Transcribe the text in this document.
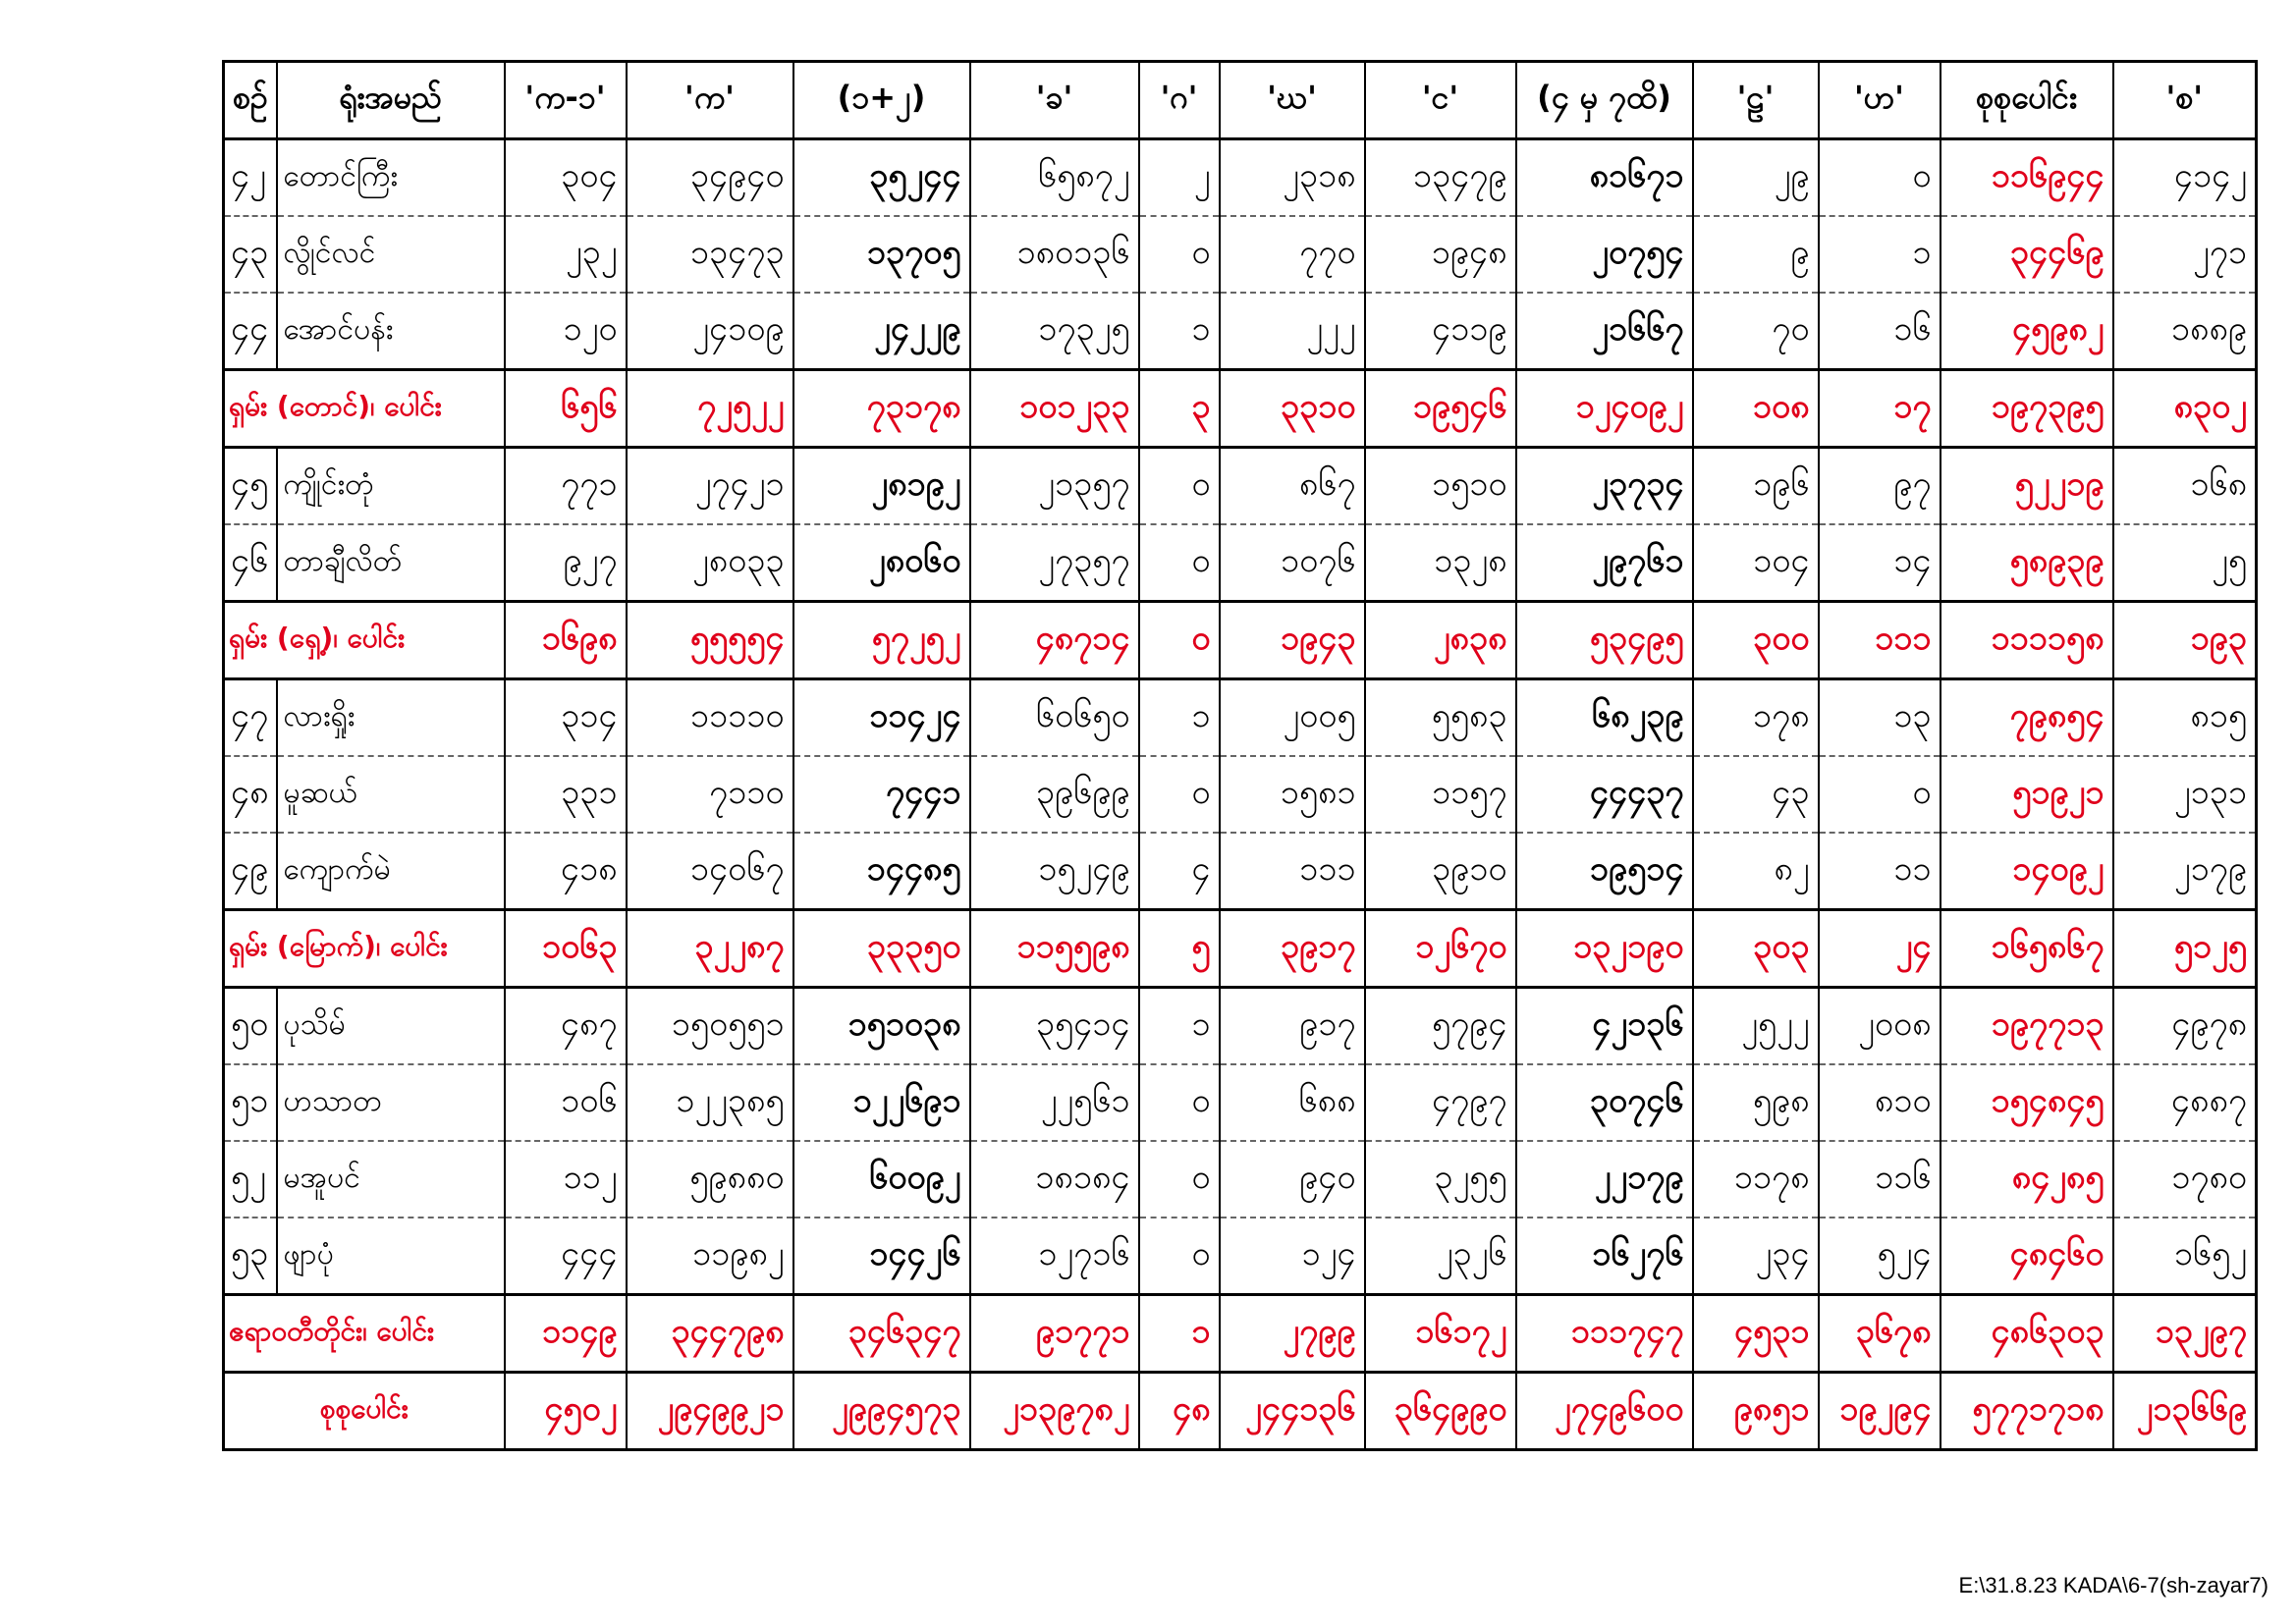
စဉ်	ရုံးအမည်	'က-၁'	'က'	(၁+၂)	'ခ'	'ဂ'	'ဃ'	'င'	(၄ မှ ၇ထိ)	'ဠ'	'ဟ'	စုစုပေါင်း	'စ'
၄၂	တောင်ကြီး	၃၀၄	၃၄၉၄၀	၃၅၂၄၄	၆၅၈၇၂	၂	၂၃၁၈	၁၃၄၇၉	၈၁၆၇၁	၂၉	၀	၁၁၆၉၄၄	၄၁၄၂
၄၃	လွိုင်လင်	၂၃၂	၁၃၄၇၃	၁၃၇၀၅	၁၈၀၁၃၆	၀	၇၇၀	၁၉၄၈	၂၀၇၅၄	၉	၁	၃၄၄၆၉	၂၇၁
၄၄	အောင်ပန်း	၁၂၀	၂၄၁၀၉	၂၄၂၂၉	၁၇၃၂၅	၁	၂၂၂	၄၁၁၉	၂၁၆၆၇	၇၀	၁၆	၄၅၉၈၂	၁၈၈၉
ရှမ်း (တောင်)၊ ပေါင်း		၆၅၆	၇၂၅၂၂	၇၃၁၇၈	၁၀၁၂၃၃	၃	၃၃၁၀	၁၉၅၄၆	၁၂၄၀၉၂	၁၀၈	၁၇	၁၉၇၃၉၅	၈၃၀၂
၄၅	ကျိုင်းတုံ	၇၇၁	၂၇၄၂၁	၂၈၁၉၂	၂၁၃၅၇	၀	၈၆၇	၁၅၁၀	၂၃၇၃၄	၁၉၆	၉၇	၅၂၂၁၉	၁၆၈
၄၆	တာချီလိတ်	၉၂၇	၂၈၀၃၃	၂၈၀၆၀	၂၇၃၅၇	၀	၁၀၇၆	၁၃၂၈	၂၉၇၆၁	၁၀၄	၁၄	၅၈၉၃၉	၂၅
ရှမ်း (ရှေ့)၊ ပေါင်း		၁၆၉၈	၅၅၅၅၄	၅၇၂၅၂	၄၈၇၁၄	၀	၁၉၄၃	၂၈၃၈	၅၃၄၉၅	၃၀၀	၁၁၁	၁၁၁၁၅၈	၁၉၃
၄၇	လားရှိုး	၃၁၄	၁၁၁၁၀	၁၁၄၂၄	၆၀၆၅၀	၁	၂၀၀၅	၅၅၈၃	၆၈၂၃၉	၁၇၈	၁၃	၇၉၈၅၄	၈၁၅
၄၈	မူဆယ်	၃၃၁	၇၁၁၀	၇၄၄၁	၃၉၆၉၉	၀	၁၅၈၁	၁၁၅၇	၄၄၄၃၇	၄၃	၀	၅၁၉၂၁	၂၁၃၁
၄၉	ကျောက်မဲ	၄၁၈	၁၄၀၆၇	၁၄၄၈၅	၁၅၂၄၉	၄	၁၁၁	၃၉၁၀	၁၉၅၁၄	၈၂	၁၁	၁၄၀၉၂	၂၁၇၉
ရှမ်း (မြောက်)၊ ပေါင်း		၁၀၆၃	၃၂၂၈၇	၃၃၃၅၀	၁၁၅၅၉၈	၅	၃၉၁၇	၁၂၆၇၀	၁၃၂၁၉၀	၃၀၃	၂၄	၁၆၅၈၆၇	၅၁၂၅
၅၀	ပုသိမ်	၄၈၇	၁၅၀၅၅၁	၁၅၁၀၃၈	၃၅၄၁၄	၁	၉၁၇	၅၇၉၄	၄၂၁၃၆	၂၅၂၂	၂၀၀၈	၁၉၇၇၁၃	၄၉၇၈
၅၁	ဟသာတ	၁၀၆	၁၂၂၃၈၅	၁၂၂၆၉၁	၂၂၅၆၁	၀	၆၈၈	၄၇၉၇	၃၀၇၄၆	၅၉၈	၈၁၀	၁၅၄၈၄၅	၄၈၈၇
၅၂	မအူပင်	၁၁၂	၅၉၈၈၀	၆၀၀၉၂	၁၈၁၈၄	၀	၉၄၀	၃၂၅၅	၂၂၁၇၉	၁၁၇၈	၁၁၆	၈၄၂၈၅	၁၇၈၀
၅၃	ဖျာပုံ	၄၄၄	၁၁၉၈၂	၁၄၄၂၆	၁၂၇၁၆	၀	၁၂၄	၂၃၂၆	၁၆၂၇၆	၂၃၄	၅၂၄	၄၈၄၆၀	၁၆၅၂
ဧရာဝတီတိုင်း၊ ပေါင်း		၁၁၄၉	၃၄၄၇၉၈	၃၄၆၃၄၇	၉၁၇၇၁	၁	၂၇၉၉	၁၆၁၇၂	၁၁၁၇၄၇	၄၅၃၁	၃၆၇၈	၄၈၆၃၀၃	၁၃၂၉၇
စုစုပေါင်း		၄၅၀၂	၂၉၄၉၉၂၁	၂၉၉၄၅၇၃	၂၁၃၉၇၈၂	၄၈	၂၄၄၁၃၆	၃၆၄၉၉၀	၂၇၄၉၆၀၀	၉၈၅၁	၁၉၂၉၄	၅၇၇၁၇၁၈	၂၁၃၆၆၉
E:\31.8.23 KADA\6-7(sh-zayar7)
